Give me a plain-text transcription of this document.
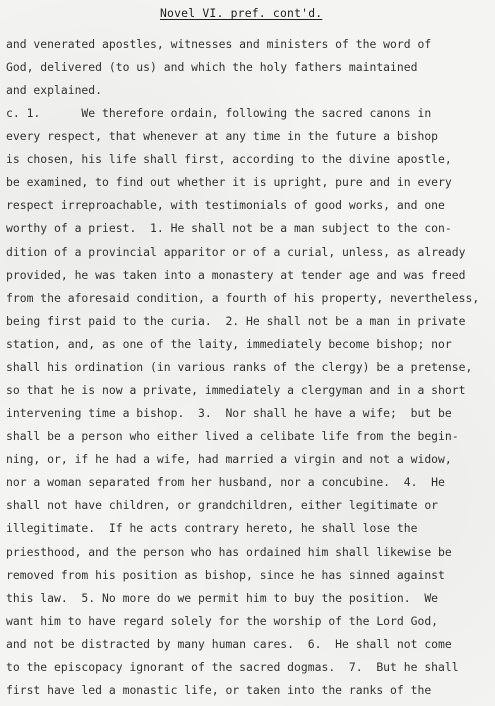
Novel VI. pref. cont'd.
and venerated apostles, witnesses and ministers of the word of
God, delivered (to us) and which the holy fathers maintained
and explained.
c. 1.      We therefore ordain, following the sacred canons in
every respect, that whenever at any time in the future a bishop
is chosen, his life shall first, according to the divine apostle,
be examined, to find out whether it is upright, pure and in every
respect irreproachable, with testimonials of good works, and one
worthy of a priest.  1. He shall not be a man subject to the con-
dition of a provincial apparitor or of a curial, unless, as already
provided, he was taken into a monastery at tender age and was freed
from the aforesaid condition, a fourth of his property, nevertheless,
being first paid to the curia.  2. He shall not be a man in private
station, and, as one of the laity, immediately become bishop; nor
shall his ordination (in various ranks of the clergy) be a pretense,
so that he is now a private, immediately a clergyman and in a short
intervening time a bishop.  3.  Nor shall he have a wife;  but be
shall be a person who either lived a celibate life from the begin-
ning, or, if he had a wife, had married a virgin and not a widow,
nor a woman separated from her husband, nor a concubine.  4.  He
shall not have children, or grandchildren, either legitimate or
illegitimate.  If he acts contrary hereto, he shall lose the
priesthood, and the person who has ordained him shall likewise be
removed from his position as bishop, since he has sinned against
this law.  5. No more do we permit him to buy the position.  We
want him to have regard solely for the worship of the Lord God,
and not be distracted by many human cares.  6.  He shall not come
to the episcopacy ignorant of the sacred dogmas.  7.  But he shall
first have led a monastic life, or taken into the ranks of the
